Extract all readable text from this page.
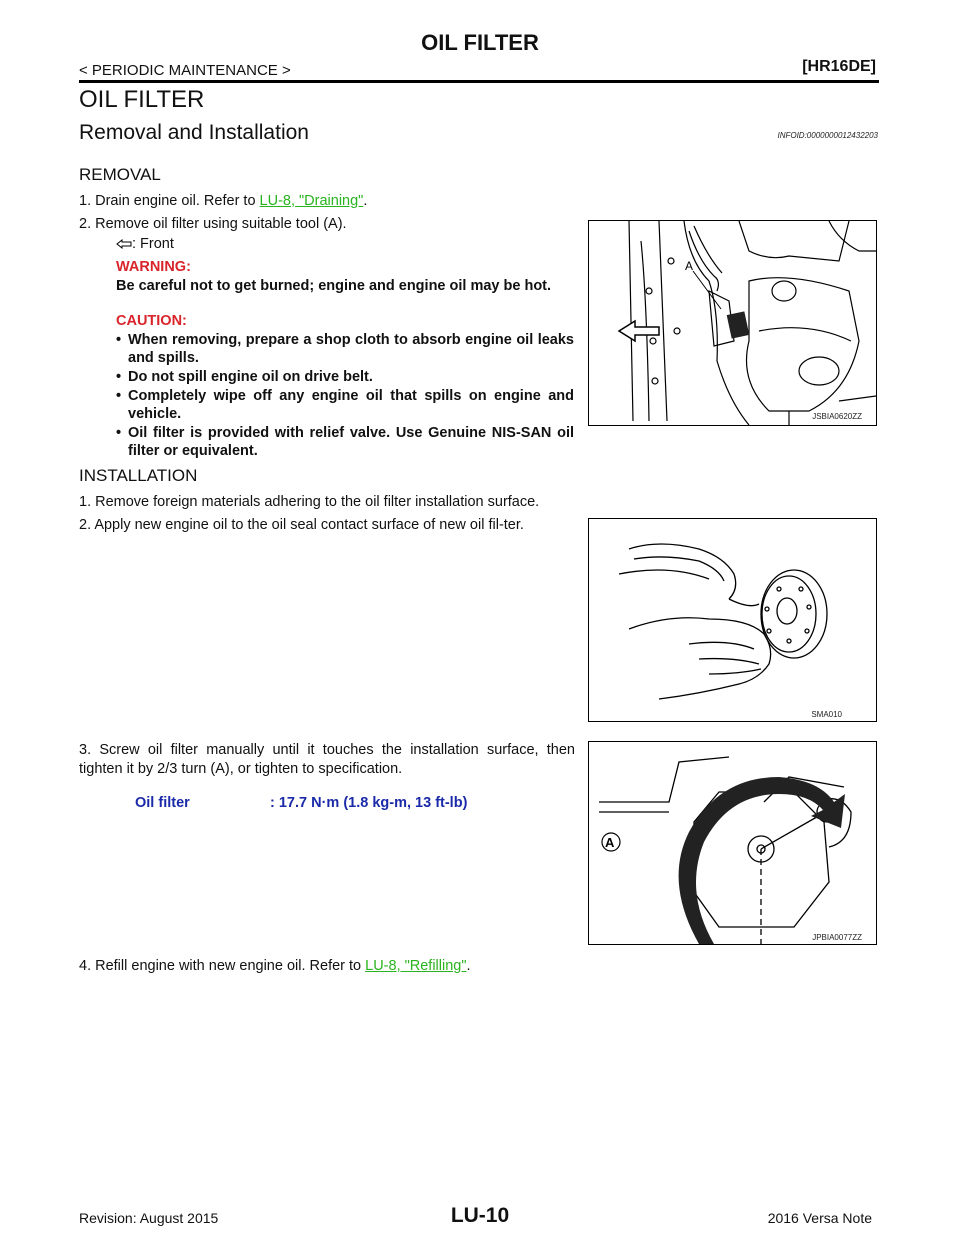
OIL FILTER
< PERIODIC MAINTENANCE >	[HR16DE]
OIL FILTER
Removal and Installation	INFOID:0000000012432203
REMOVAL
1. Drain engine oil. Refer to LU-8, "Draining".
2. Remove oil filter using suitable tool (A).
: Front
WARNING:
Be careful not to get burned; engine and engine oil may be hot.
CAUTION:
• When removing, prepare a shop cloth to absorb engine oil leaks and spills.
• Do not spill engine oil on drive belt.
• Completely wipe off any engine oil that spills on engine and vehicle.
• Oil filter is provided with relief valve. Use Genuine NIS-SAN oil filter or equivalent.
A
JSBIA0620ZZ
INSTALLATION
1. Remove foreign materials adhering to the oil filter installation surface.
2. Apply new engine oil to the oil seal contact surface of new oil fil-ter.
SMA010
3. Screw oil filter manually until it touches the installation surface, then tighten it by 2/3 turn (A), or tighten to specification.
Oil filter	: 17.7 N·m (1.8 kg-m, 13 ft-lb)
A
JPBIA0077ZZ
4. Refill engine with new engine oil. Refer to LU-8, "Refilling".
Revision: August 2015	LU-10	2016 Versa Note
